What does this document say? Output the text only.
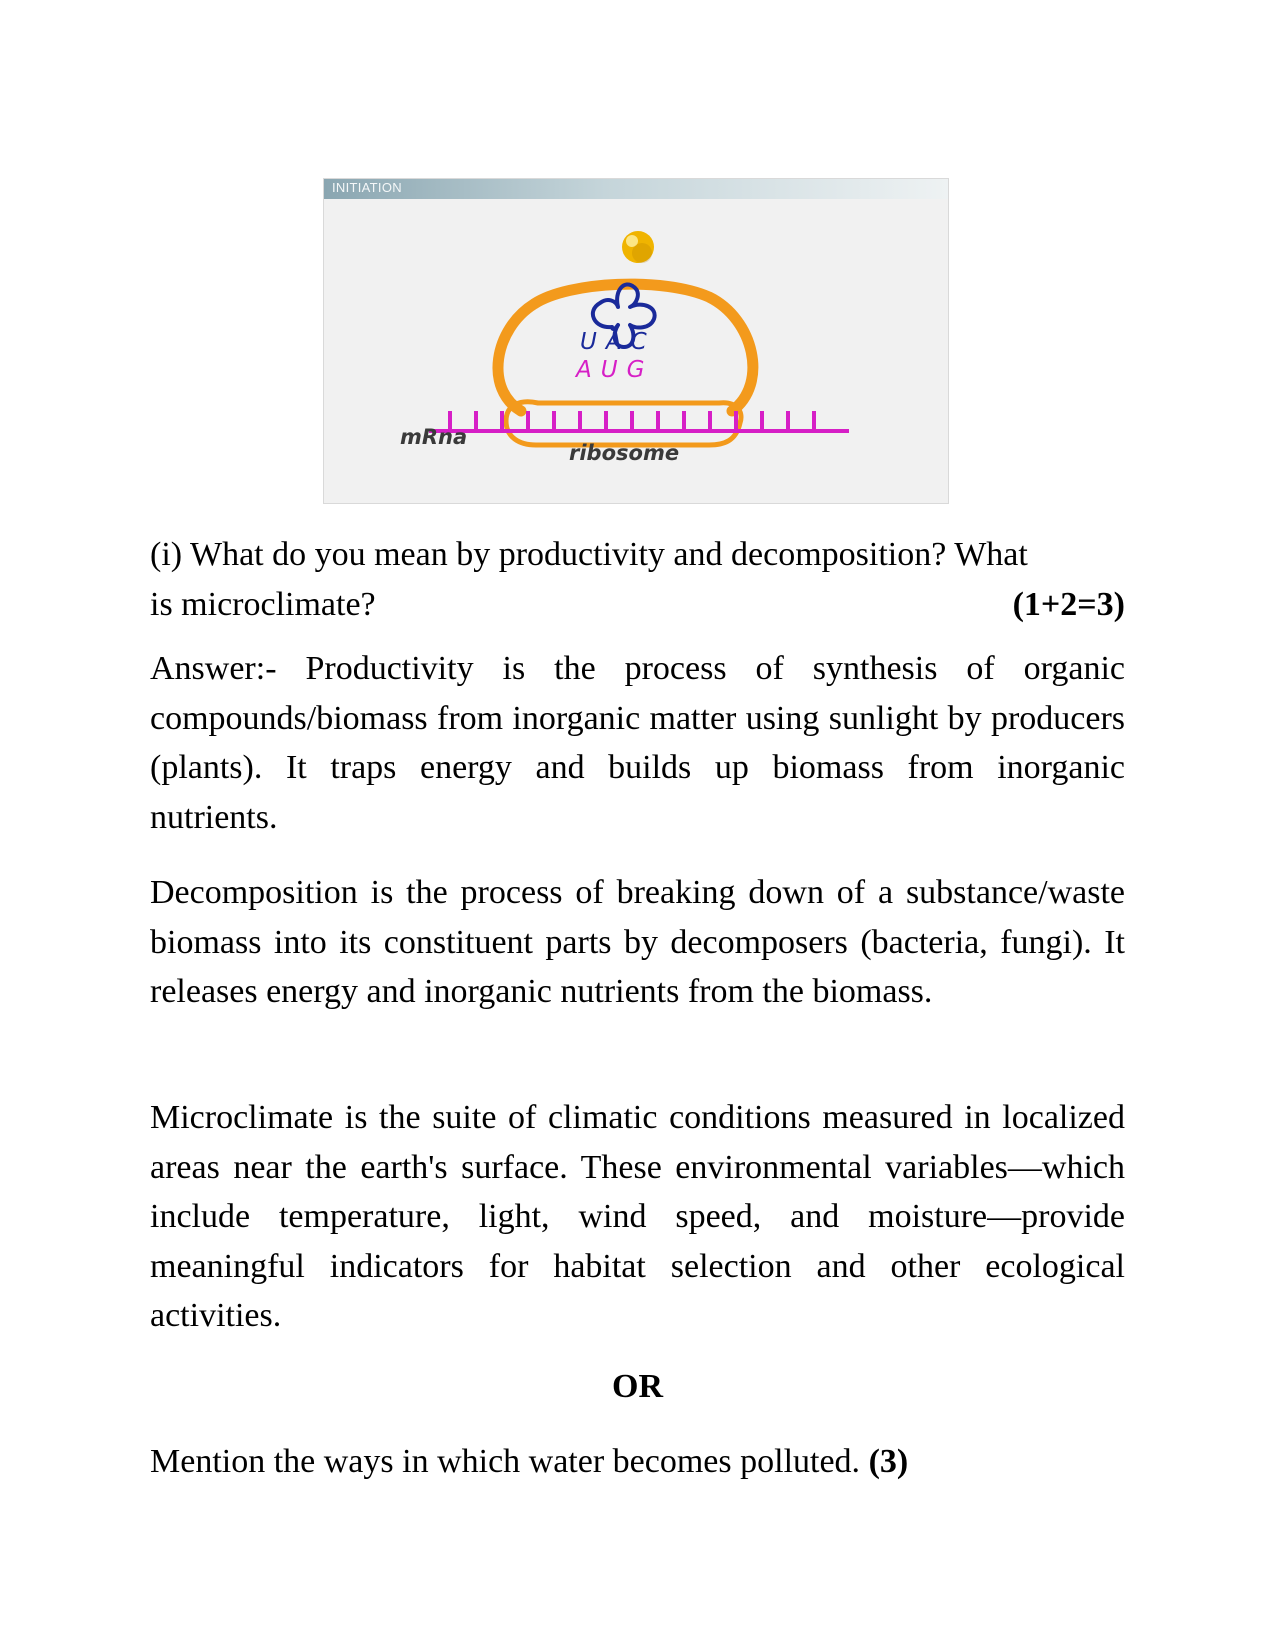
INITIATION
UAC
AUG
mRna
ribosome
(i) What do you mean by productivity and decomposition? What
is microclimate?	(1+2=3)

Answer:- Productivity is the process of synthesis of organic compounds/biomass from inorganic matter using sunlight by producers (plants). It traps energy and builds up biomass from inorganic nutrients.

Decomposition is the process of breaking down of a substance/waste biomass into its constituent parts by decomposers (bacteria, fungi). It releases energy and inorganic nutrients from the biomass.

Microclimate is the suite of climatic conditions measured in localized areas near the earth's surface. These environmental variables—which include temperature, light, wind speed, and moisture—provide meaningful indicators for habitat selection and other ecological activities.

OR
Mention the ways in which water becomes polluted. (3)
